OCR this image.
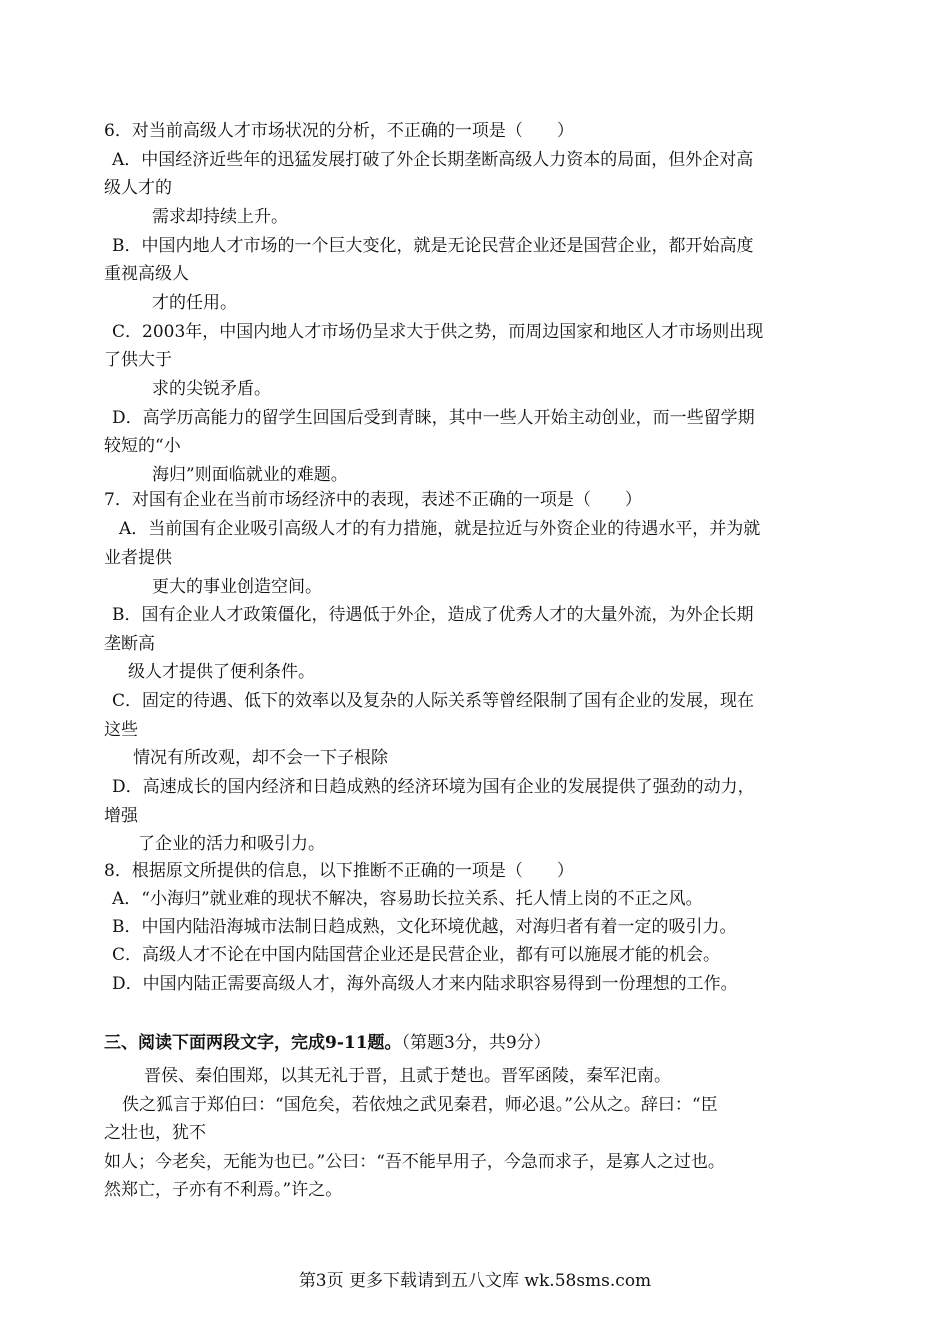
6．对当前高级人才市场状况的分析，不正确的一项是（　　）
A．中国经济近些年的迅猛发展打破了外企长期垄断高级人力资本的局面，但外企对高
级人才的
需求却持续上升。
B．中国内地人才市场的一个巨大变化，就是无论民营企业还是国营企业，都开始高度
重视高级人
才的任用。
C．2003年，中国内地人才市场仍呈求大于供之势，而周边国家和地区人才市场则出现
了供大于
求的尖锐矛盾。
D．高学历高能力的留学生回国后受到青睐，其中一些人开始主动创业，而一些留学期
较短的“小
海归”则面临就业的难题。
7．对国有企业在当前市场经济中的表现，表述不正确的一项是（　　）
A．当前国有企业吸引高级人才的有力措施，就是拉近与外资企业的待遇水平，并为就
业者提供
更大的事业创造空间。
B．国有企业人才政策僵化，待遇低于外企，造成了优秀人才的大量外流，为外企长期
垄断高
级人才提供了便利条件。
C．固定的待遇、低下的效率以及复杂的人际关系等曾经限制了国有企业的发展，现在
这些
情况有所改观，却不会一下子根除
D．高速成长的国内经济和日趋成熟的经济环境为国有企业的发展提供了强劲的动力，
增强
了企业的活力和吸引力。
8．根据原文所提供的信息，以下推断不正确的一项是（　　）
A．“小海归”就业难的现状不解决，容易助长拉关系、托人情上岗的不正之风。
B．中国内陆沿海城市法制日趋成熟，文化环境优越，对海归者有着一定的吸引力。
C．高级人才不论在中国内陆国营企业还是民营企业，都有可以施展才能的机会。
D．中国内陆正需要高级人才，海外高级人才来内陆求职容易得到一份理想的工作。
三、阅读下面两段文字，完成9-11题。（第题3分，共9分）
晋侯、秦伯围郑，以其无礼于晋，且贰于楚也。晋军函陵，秦军汜南。
佚之狐言于郑伯曰：“国危矣，若依烛之武见秦君，师必退。”公从之。辞曰：“臣
之壮也，犹不
如人；今老矣，无能为也已。”公曰：“吾不能早用子，今急而求子，是寡人之过也。
然郑亡，子亦有不利焉。”许之。
第3页 更多下载请到五八文库 wk.58sms.com
